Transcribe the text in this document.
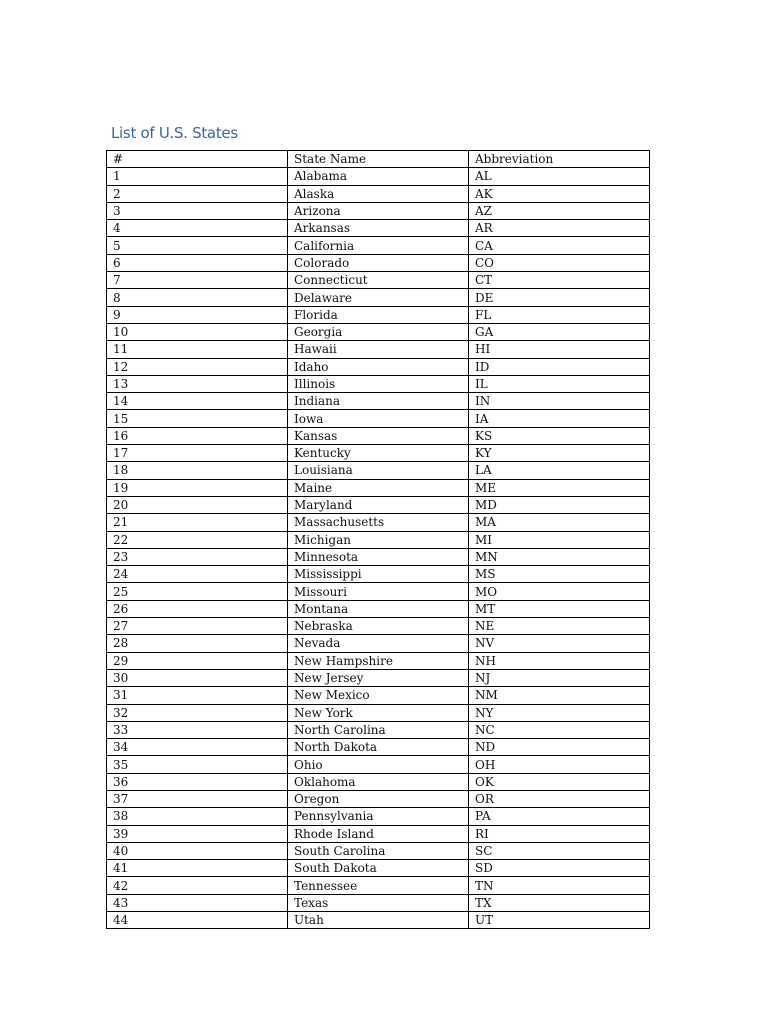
List of U.S. States
#	State Name	Abbreviation
1	Alabama	AL
2	Alaska	AK
3	Arizona	AZ
4	Arkansas	AR
5	California	CA
6	Colorado	CO
7	Connecticut	CT
8	Delaware	DE
9	Florida	FL
10	Georgia	GA
11	Hawaii	HI
12	Idaho	ID
13	Illinois	IL
14	Indiana	IN
15	Iowa	IA
16	Kansas	KS
17	Kentucky	KY
18	Louisiana	LA
19	Maine	ME
20	Maryland	MD
21	Massachusetts	MA
22	Michigan	MI
23	Minnesota	MN
24	Mississippi	MS
25	Missouri	MO
26	Montana	MT
27	Nebraska	NE
28	Nevada	NV
29	New Hampshire	NH
30	New Jersey	NJ
31	New Mexico	NM
32	New York	NY
33	North Carolina	NC
34	North Dakota	ND
35	Ohio	OH
36	Oklahoma	OK
37	Oregon	OR
38	Pennsylvania	PA
39	Rhode Island	RI
40	South Carolina	SC
41	South Dakota	SD
42	Tennessee	TN
43	Texas	TX
44	Utah	UT
